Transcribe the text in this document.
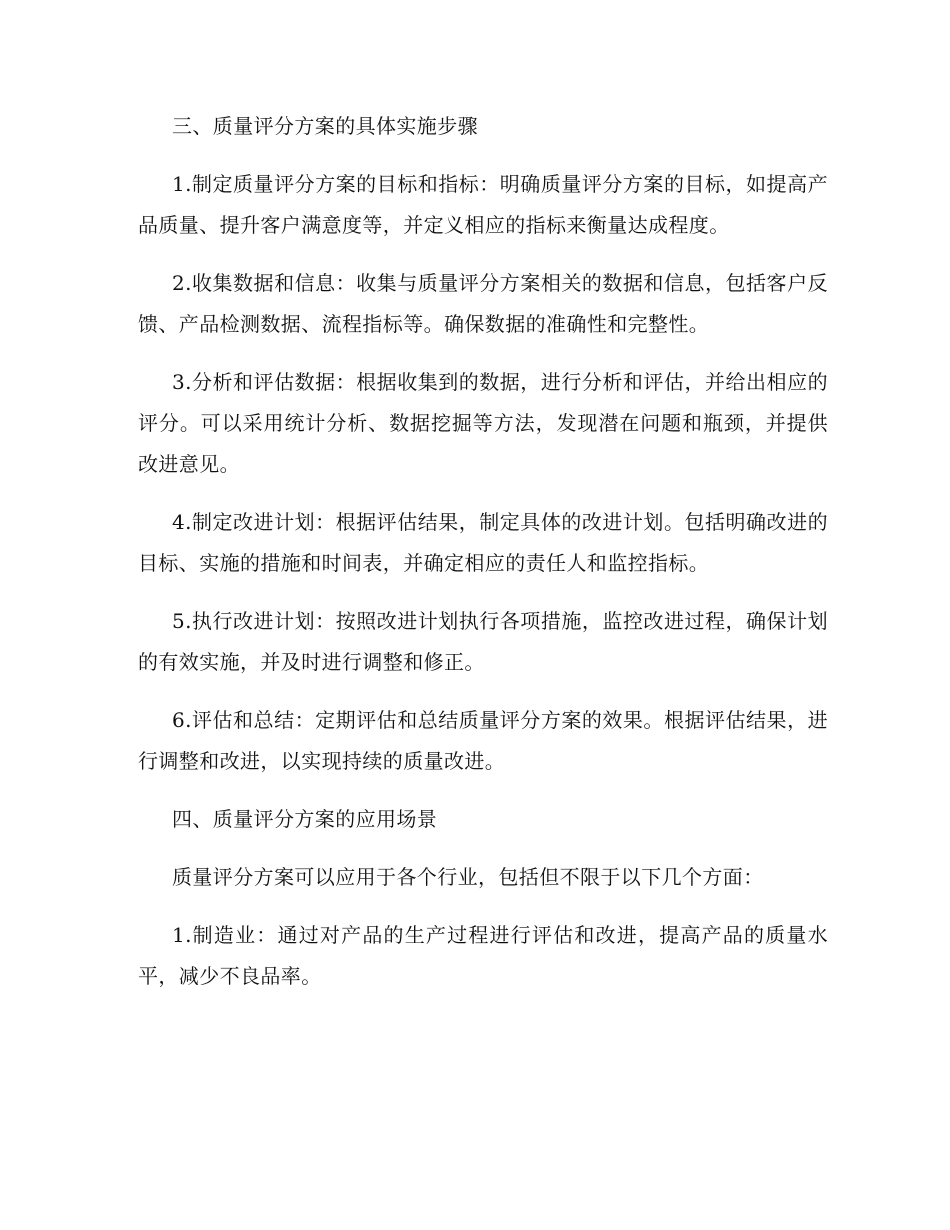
三、质量评分方案的具体实施步骤

1.制定质量评分方案的目标和指标：明确质量评分方案的目标，如提高产品质量、提升客户满意度等，并定义相应的指标来衡量达成程度。

2.收集数据和信息：收集与质量评分方案相关的数据和信息，包括客户反馈、产品检测数据、流程指标等。确保数据的准确性和完整性。

3.分析和评估数据：根据收集到的数据，进行分析和评估，并给出相应的评分。可以采用统计分析、数据挖掘等方法，发现潜在问题和瓶颈，并提供改进意见。

4.制定改进计划：根据评估结果，制定具体的改进计划。包括明确改进的目标、实施的措施和时间表，并确定相应的责任人和监控指标。

5.执行改进计划：按照改进计划执行各项措施，监控改进过程，确保计划的有效实施，并及时进行调整和修正。

6.评估和总结：定期评估和总结质量评分方案的效果。根据评估结果，进行调整和改进，以实现持续的质量改进。

四、质量评分方案的应用场景

质量评分方案可以应用于各个行业，包括但不限于以下几个方面：

1.制造业：通过对产品的生产过程进行评估和改进，提高产品的质量水平，减少不良品率。
